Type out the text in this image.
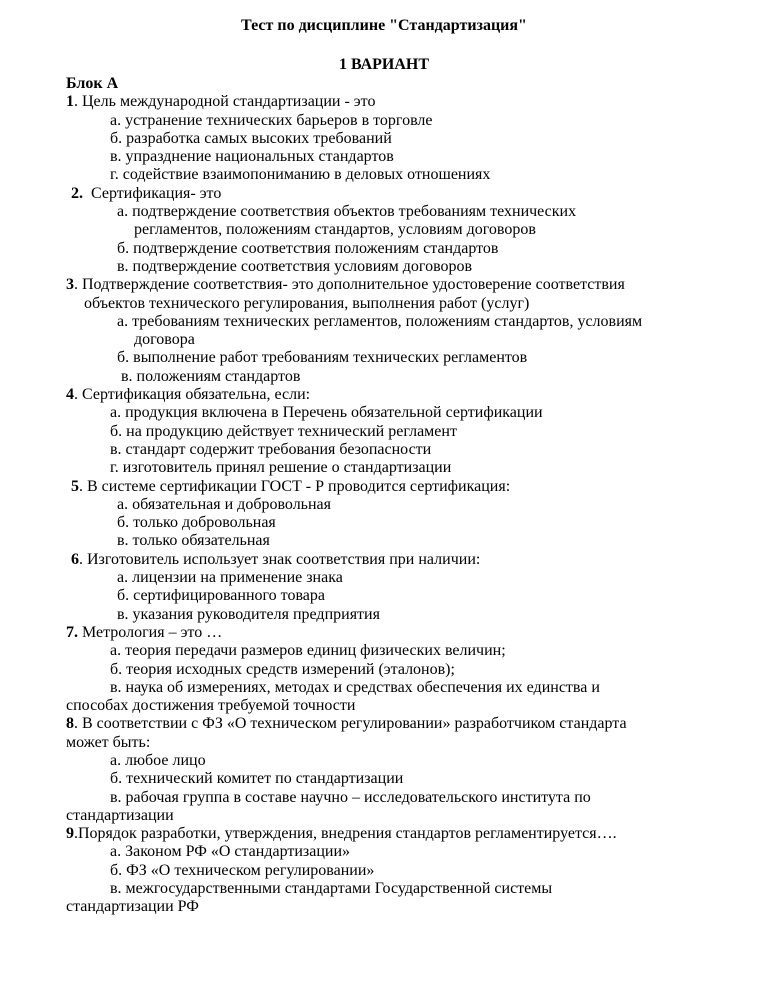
Тест по дисциплине "Стандартизация"
1 ВАРИАНТ
Блок А
1. Цель международной стандартизации - это
а. устранение технических барьеров в торговле
б. разработка самых высоких требований
в. упразднение национальных стандартов
г. содействие взаимопониманию в деловых отношениях
2. Сертификация- это
а. подтверждение соответствия объектов требованиям технических
регламентов, положениям стандартов, условиям договоров
б. подтверждение соответствия положениям стандартов
в. подтверждение соответствия условиям договоров
3. Подтверждение соответствия- это дополнительное удостоверение соответствия
объектов технического регулирования, выполнения работ (услуг)
а. требованиям технических регламентов, положениям стандартов, условиям
договора
б. выполнение работ требованиям технических регламентов
в. положениям стандартов
4. Сертификация обязательна, если:
а. продукция включена в Перечень обязательной сертификации
б. на продукцию действует технический регламент
в. стандарт содержит требования безопасности
г. изготовитель принял решение о стандартизации
5. В системе сертификации ГОСТ - Р проводится сертификация:
а. обязательная и добровольная
б. только добровольная
в. только обязательная
6. Изготовитель использует знак соответствия при наличии:
а. лицензии на применение знака
б. сертифицированного товара
в. указания руководителя предприятия
7. Метрология – это …
а. теория передачи размеров единиц физических величин;
б. теория исходных средств измерений (эталонов);
в. наука об измерениях, методах и средствах обеспечения их единства и
способах достижения требуемой точности
8. В соответствии с ФЗ «О техническом регулировании» разработчиком стандарта
может быть:
а. любое лицо
б. технический комитет по стандартизации
в. рабочая группа в составе научно – исследовательского института по
стандартизации
9.Порядок разработки, утверждения, внедрения стандартов регламентируется….
а. Законом РФ «О стандартизации»
б. ФЗ «О техническом регулировании»
в. межгосударственными стандартами Государственной системы
стандартизации РФ
